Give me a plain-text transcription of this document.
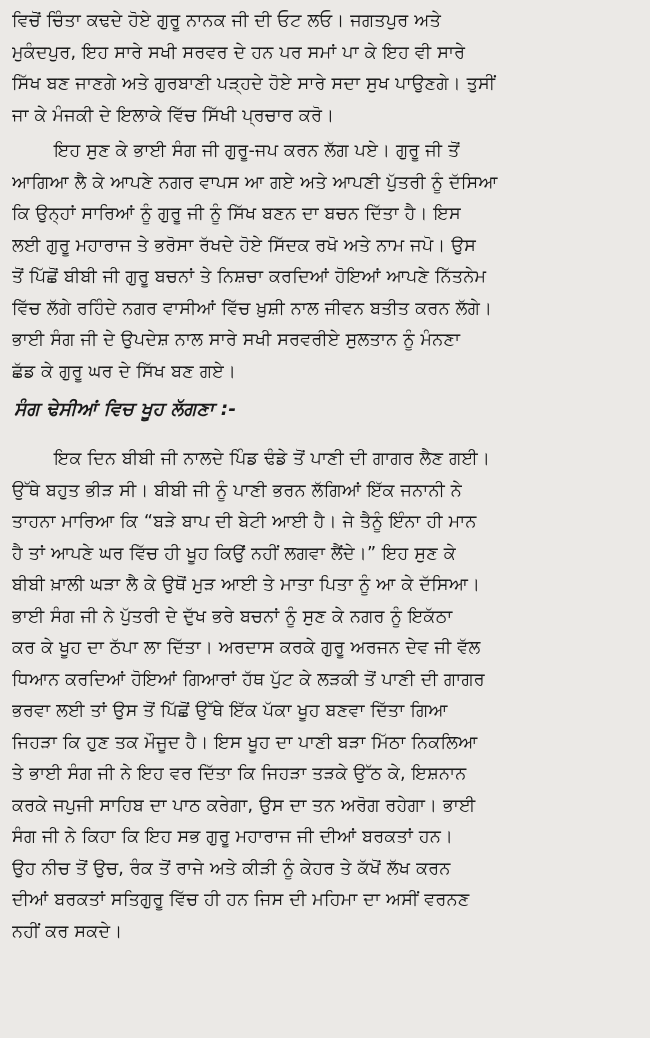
ਵਿਚੋਂ ਚਿੰਤਾ ਕਢਦੇ ਹੋਏ ਗੁਰੂ ਨਾਨਕ ਜੀ ਦੀ ਓਟ ਲਓ। ਜਗਤਪੁਰ ਅਤੇ
ਮੁਕੰਦਪੁਰ, ਇਹ ਸਾਰੇ ਸਖੀ ਸਰਵਰ ਦੇ ਹਨ ਪਰ ਸਮਾਂ ਪਾ ਕੇ ਇਹ ਵੀ ਸਾਰੇ
ਸਿੱਖ ਬਣ ਜਾਣਗੇ ਅਤੇ ਗੁਰਬਾਣੀ ਪੜ੍ਹਦੇ ਹੋਏ ਸਾਰੇ ਸਦਾ ਸੁਖ ਪਾਉਣਗੇ। ਤੁਸੀਂ
ਜਾ ਕੇ ਮੰਜਕੀ ਦੇ ਇਲਾਕੇ ਵਿੱਚ ਸਿੱਖੀ ਪ੍ਰਚਾਰ ਕਰੋ।

ਇਹ ਸੁਣ ਕੇ ਭਾਈ ਸੰਗ ਜੀ ਗੁਰੂ-ਜਪ ਕਰਨ ਲੱਗ ਪਏ। ਗੁਰੂ ਜੀ ਤੋਂ
ਆਗਿਆ ਲੈ ਕੇ ਆਪਣੇ ਨਗਰ ਵਾਪਸ ਆ ਗਏ ਅਤੇ ਆਪਣੀ ਪੁੱਤਰੀ ਨੂੰ ਦੱਸਿਆ
ਕਿ ਉਨ੍ਹਾਂ ਸਾਰਿਆਂ ਨੂੰ ਗੁਰੂ ਜੀ ਨੂੰ ਸਿੱਖ ਬਣਨ ਦਾ ਬਚਨ ਦਿੱਤਾ ਹੈ। ਇਸ
ਲਈ ਗੁਰੂ ਮਹਾਰਾਜ ਤੇ ਭਰੋਸਾ ਰੱਖਦੇ ਹੋਏ ਸਿੱਦਕ ਰਖੋ ਅਤੇ ਨਾਮ ਜਪੋ। ਉਸ
ਤੋਂ ਪਿੱਛੋਂ ਬੀਬੀ ਜੀ ਗੁਰੂ ਬਚਨਾਂ ਤੇ ਨਿਸ਼ਚਾ ਕਰਦਿਆਂ ਹੋਇਆਂ ਆਪਣੇ ਨਿੱਤਨੇਮ
ਵਿੱਚ ਲੱਗੇ ਰਹਿੰਦੇ ਨਗਰ ਵਾਸੀਆਂ ਵਿੱਚ ਖ਼ੁਸ਼ੀ ਨਾਲ ਜੀਵਨ ਬਤੀਤ ਕਰਨ ਲੱਗੇ।
ਭਾਈ ਸੰਗ ਜੀ ਦੇ ਉਪਦੇਸ਼ ਨਾਲ ਸਾਰੇ ਸਖੀ ਸਰਵਰੀਏ ਸੁਲਤਾਨ ਨੂੰ ਮੰਨਣਾ
ਛੱਡ ਕੇ ਗੁਰੂ ਘਰ ਦੇ ਸਿੱਖ ਬਣ ਗਏ।

ਸੰਗ ਢੇਸੀਆਂ ਵਿਚ ਖੂਹ ਲੱਗਣਾ :-

ਇਕ ਦਿਨ ਬੀਬੀ ਜੀ ਨਾਲਦੇ ਪਿੰਡ ਢੰਡੇ ਤੋਂ ਪਾਣੀ ਦੀ ਗਾਗਰ ਲੈਣ ਗਈ।
ਉੱਥੇ ਬਹੁਤ ਭੀੜ ਸੀ। ਬੀਬੀ ਜੀ ਨੂੰ ਪਾਣੀ ਭਰਨ ਲੱਗਿਆਂ ਇੱਕ ਜਨਾਨੀ ਨੇ
ਤਾਹਨਾ ਮਾਰਿਆ ਕਿ “ਬੜੇ ਬਾਪ ਦੀ ਬੇਟੀ ਆਈ ਹੈ। ਜੇ ਤੈਨੂੰ ਇੰਨਾ ਹੀ ਮਾਨ
ਹੈ ਤਾਂ ਆਪਣੇ ਘਰ ਵਿੱਚ ਹੀ ਖੂਹ ਕਿਉਂ ਨਹੀਂ ਲਗਵਾ ਲੈਂਦੇ।” ਇਹ ਸੁਣ ਕੇ
ਬੀਬੀ ਖ਼ਾਲੀ ਘੜਾ ਲੈ ਕੇ ਉਥੋਂ ਮੁੜ ਆਈ ਤੇ ਮਾਤਾ ਪਿਤਾ ਨੂੰ ਆ ਕੇ ਦੱਸਿਆ।
ਭਾਈ ਸੰਗ ਜੀ ਨੇ ਪੁੱਤਰੀ ਦੇ ਦੁੱਖ ਭਰੇ ਬਚਨਾਂ ਨੂੰ ਸੁਣ ਕੇ ਨਗਰ ਨੂੰ ਇਕੱਠਾ
ਕਰ ਕੇ ਖੂਹ ਦਾ ਠੱਪਾ ਲਾ ਦਿੱਤਾ। ਅਰਦਾਸ ਕਰਕੇ ਗੁਰੂ ਅਰਜਨ ਦੇਵ ਜੀ ਵੱਲ
ਧਿਆਨ ਕਰਦਿਆਂ ਹੋਇਆਂ ਗਿਆਰਾਂ ਹੱਥ ਪੁੱਟ ਕੇ ਲੜਕੀ ਤੋਂ ਪਾਣੀ ਦੀ ਗਾਗਰ
ਭਰਵਾ ਲਈ ਤਾਂ ਉਸ ਤੋਂ ਪਿੱਛੋਂ ਉੱਥੇ ਇੱਕ ਪੱਕਾ ਖੂਹ ਬਣਵਾ ਦਿੱਤਾ ਗਿਆ
ਜਿਹੜਾ ਕਿ ਹੁਣ ਤਕ ਮੌਜੂਦ ਹੈ। ਇਸ ਖੂਹ ਦਾ ਪਾਣੀ ਬੜਾ ਮਿੱਠਾ ਨਿਕਲਿਆ
ਤੇ ਭਾਈ ਸੰਗ ਜੀ ਨੇ ਇਹ ਵਰ ਦਿੱਤਾ ਕਿ ਜਿਹੜਾ ਤੜਕੇ ਉੱਠ ਕੇ, ਇਸ਼ਨਾਨ
ਕਰਕੇ ਜਪੁਜੀ ਸਾਹਿਬ ਦਾ ਪਾਠ ਕਰੇਗਾ, ਉਸ ਦਾ ਤਨ ਅਰੋਗ ਰਹੇਗਾ। ਭਾਈ
ਸੰਗ ਜੀ ਨੇ ਕਿਹਾ ਕਿ ਇਹ ਸਭ ਗੁਰੂ ਮਹਾਰਾਜ ਜੀ ਦੀਆਂ ਬਰਕਤਾਂ ਹਨ।
ਉਹ ਨੀਚ ਤੋਂ ਉਚ, ਰੰਕ ਤੋਂ ਰਾਜੇ ਅਤੇ ਕੀੜੀ ਨੂੰ ਕੇਹਰ ਤੇ ਕੱਖੋਂ ਲੱਖ ਕਰਨ
ਦੀਆਂ ਬਰਕਤਾਂ ਸਤਿਗੁਰੂ ਵਿੱਚ ਹੀ ਹਨ ਜਿਸ ਦੀ ਮਹਿਮਾ ਦਾ ਅਸੀਂ ਵਰਨਣ
ਨਹੀਂ ਕਰ ਸਕਦੇ।
